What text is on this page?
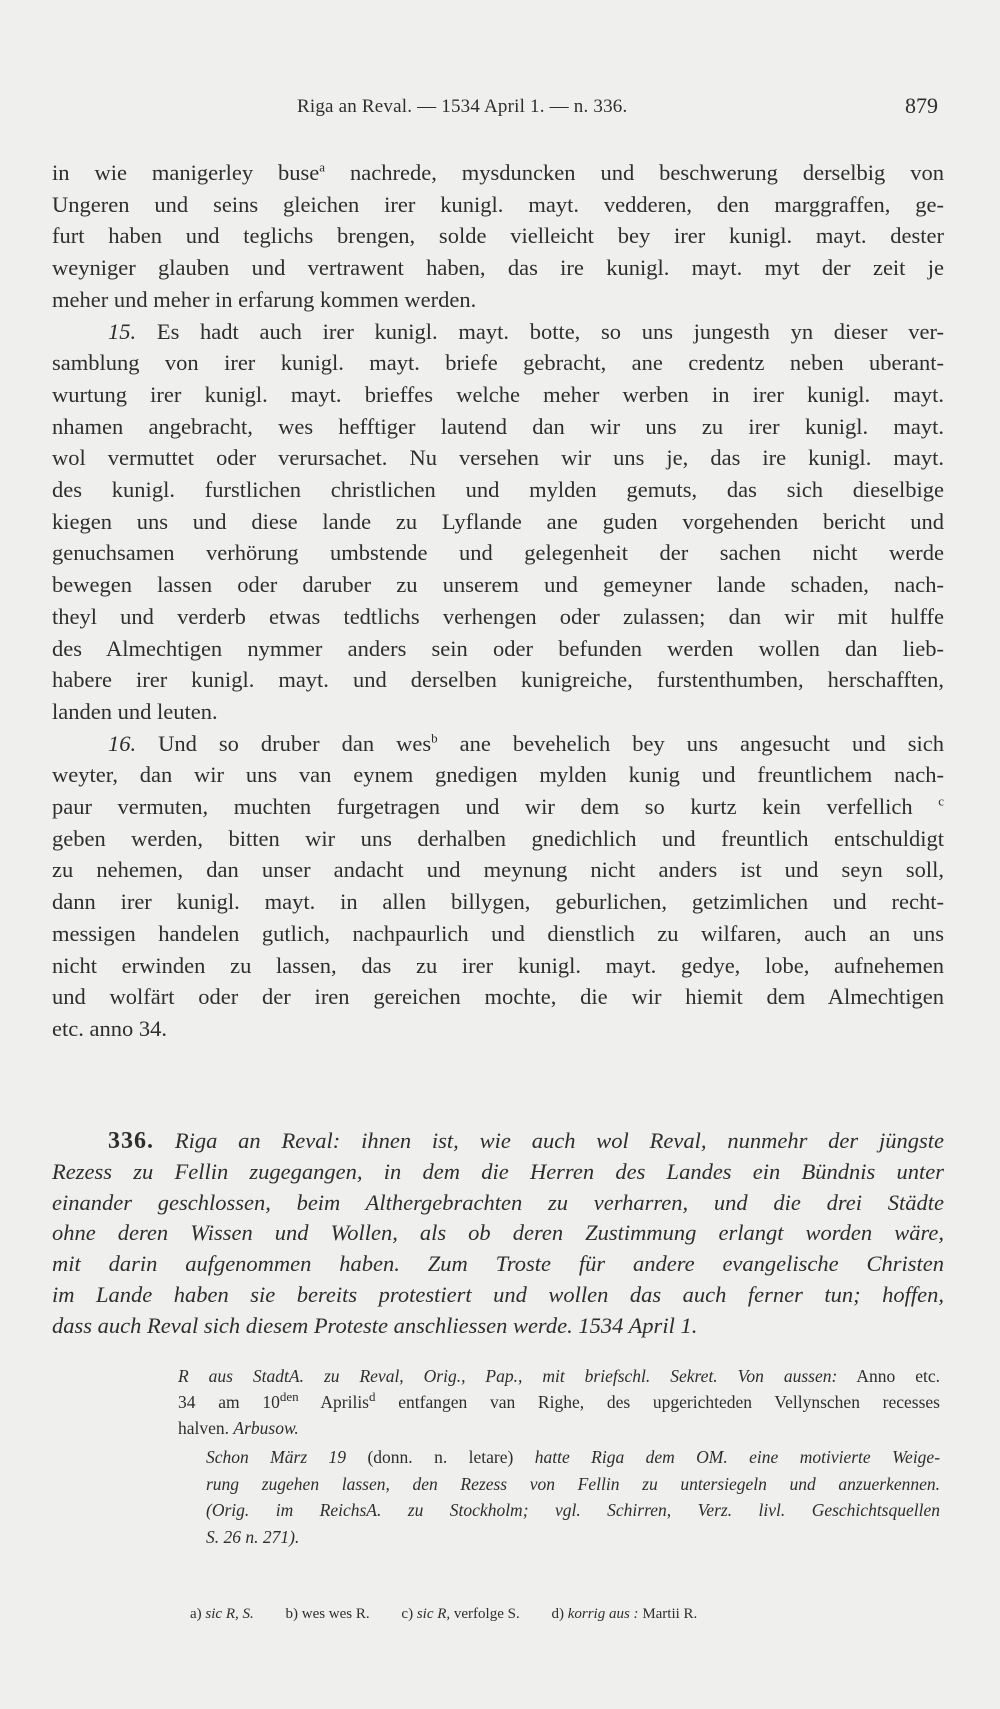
Riga an Reval. — 1534 April 1. — n. 336.	879
in wie manigerley buse$^a$ nachrede, mysduncken und beschwerung derselbig von
Ungeren und seins gleichen irer kunigl. mayt. vedderen, den marggraffen, ge-
furt haben und teglichs brengen, solde vielleicht bey irer kunigl. mayt. dester
weyniger glauben und vertrawent haben, das ire kunigl. mayt. myt der zeit je
meher und meher in erfarung kommen werden.
15. Es hadt auch irer kunigl. mayt. botte, so uns jungesth yn dieser ver-
samblung von irer kunigl. mayt. briefe gebracht, ane credentz neben uberant-
wurtung irer kunigl. mayt. brieffes welche meher werben in irer kunigl. mayt.
nhamen angebracht, wes hefftiger lautend dan wir uns zu irer kunigl. mayt.
wol vermuttet oder verursachet. Nu versehen wir uns je, das ire kunigl. mayt.
des kunigl. furstlichen christlichen und mylden gemuts, das sich dieselbige
kiegen uns und diese lande zu Lyflande ane guden vorgehenden bericht und
genuchsamen verhörung umbstende und gelegenheit der sachen nicht werde
bewegen lassen oder daruber zu unserem und gemeyner lande schaden, nach-
theyl und verderb etwas tedtlichs verhengen oder zulassen; dan wir mit hulffe
des Almechtigen nymmer anders sein oder befunden werden wollen dan lieb-
habere irer kunigl. mayt. und derselben kunigreiche, furstenthumben, herschafften,
landen und leuten.
16. Und so druber dan wes$^b$ ane bevehelich bey uns angesucht und sich
weyter, dan wir uns van eynem gnedigen mylden kunig und freuntlichem nach-
paur vermuten, muchten furgetragen und wir dem so kurtz kein verfellich $^c$
geben werden, bitten wir uns derhalben gnedichlich und freuntlich entschuldigt
zu nehemen, dan unser andacht und meynung nicht anders ist und seyn soll,
dann irer kunigl. mayt. in allen billygen, geburlichen, getzimlichen und recht-
messigen handelen gutlich, nachpaurlich und dienstlich zu wilfaren, auch an uns
nicht erwinden zu lassen, das zu irer kunigl. mayt. gedye, lobe, aufnehemen
und wolfärt oder der iren gereichen mochte, die wir hiemit dem Almechtigen
etc. anno 34.
336. Riga an Reval: ihnen ist, wie auch wol Reval, nunmehr der jüngste
Rezess zu Fellin zugegangen, in dem die Herren des Landes ein Bündnis unter
einander geschlossen, beim Althergebrachten zu verharren, und die drei Städte
ohne deren Wissen und Wollen, als ob deren Zustimmung erlangt worden wäre,
mit darin aufgenommen haben. Zum Troste für andere evangelische Christen
im Lande haben sie bereits protestiert und wollen das auch ferner tun; hoffen,
dass auch Reval sich diesem Proteste anschliessen werde. 1534 April 1.
R aus StadtA. zu Reval, Orig., Pap., mit briefschl. Sekret. Von aussen: Anno etc.
34 am $10^{den}$ Aprilis$^d$ entfangen van Righe, des upgerichteden Vellynschen recesses
halven. Arbusow.
Schon März 19 (donn. n. letare) hatte Riga dem OM. eine motivierte Weige-
rung zugehen lassen, den Rezess von Fellin zu untersiegeln und anzuerkennen.
(Orig. im ReichsA. zu Stockholm; vgl. Schirren, Verz. livl. Geschichtsquellen
S. 26 n. 271).
a) sic R, S. b) wes wes R. c) sic R, verfolge S. d) korrig aus : Martii R.
